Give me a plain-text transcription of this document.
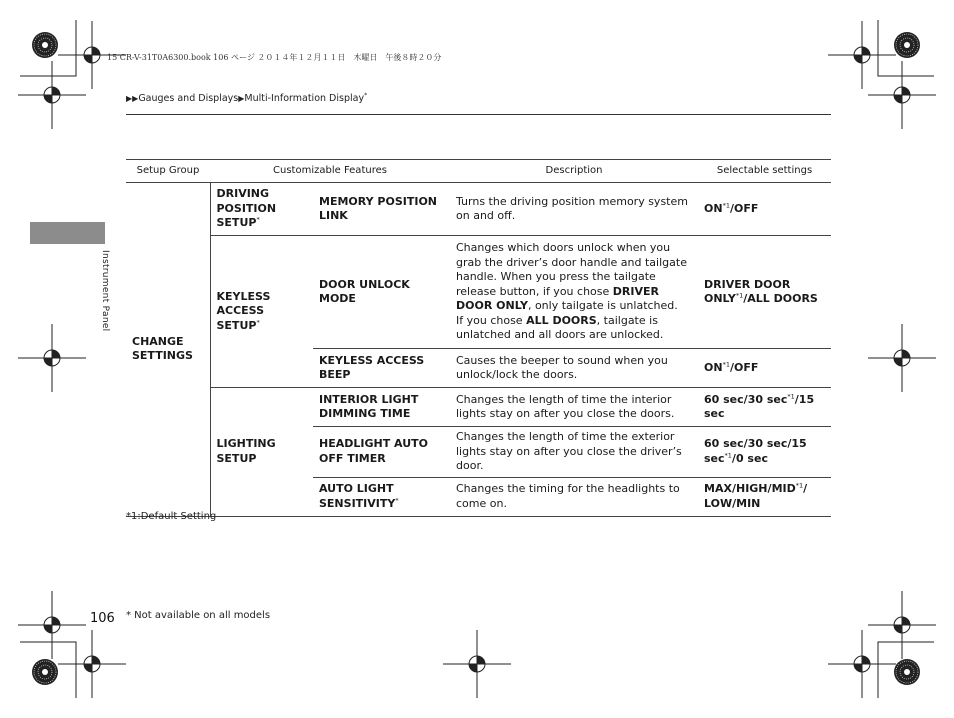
15 CR-V-31T0A6300.book 106 ページ ２０１４年１２月１１日　木曜日　午後８時２０分
▶▶Gauges and Displays▶Multi-Information Display*
Instrument Panel
Setup Group	Customizable Features		Description	Selectable settings
CHANGE SETTINGS	DRIVING POSITION SETUP*	MEMORY POSITION LINK	Turns the driving position memory system on and off.	ON$^{*1}$/OFF
	KEYLESS ACCESS SETUP*	DOOR UNLOCK MODE	Changes which doors unlock when you grab the driver’s door handle and tailgate handle. When you press the tailgate release button, if you chose DRIVER DOOR ONLY, only tailgate is unlatched.
If you chose ALL DOORS, tailgate is unlatched and all doors are unlocked.	DRIVER DOOR ONLY$^{*1}$/ALL DOORS
		KEYLESS ACCESS BEEP	Causes the beeper to sound when you unlock/lock the doors.	ON$^{*1}$/OFF
	LIGHTING SETUP	INTERIOR LIGHT DIMMING TIME	Changes the length of time the interior lights stay on after you close the doors.	60 sec/30 $\sec^{*1}/15$ sec
		HEADLIGHT AUTO OFF TIMER	Changes the length of time the exterior lights stay on after you close the driver’s door.	60 sec/30 sec/15 $\sec^{*1}/0$ sec
		AUTO LIGHT SENSITIVITY*	Changes the timing for the headlights to come on.	MAX/HIGH/MID$^{*1}$/
LOW/MIN
*1:Default Setting
106 * Not available on all models
